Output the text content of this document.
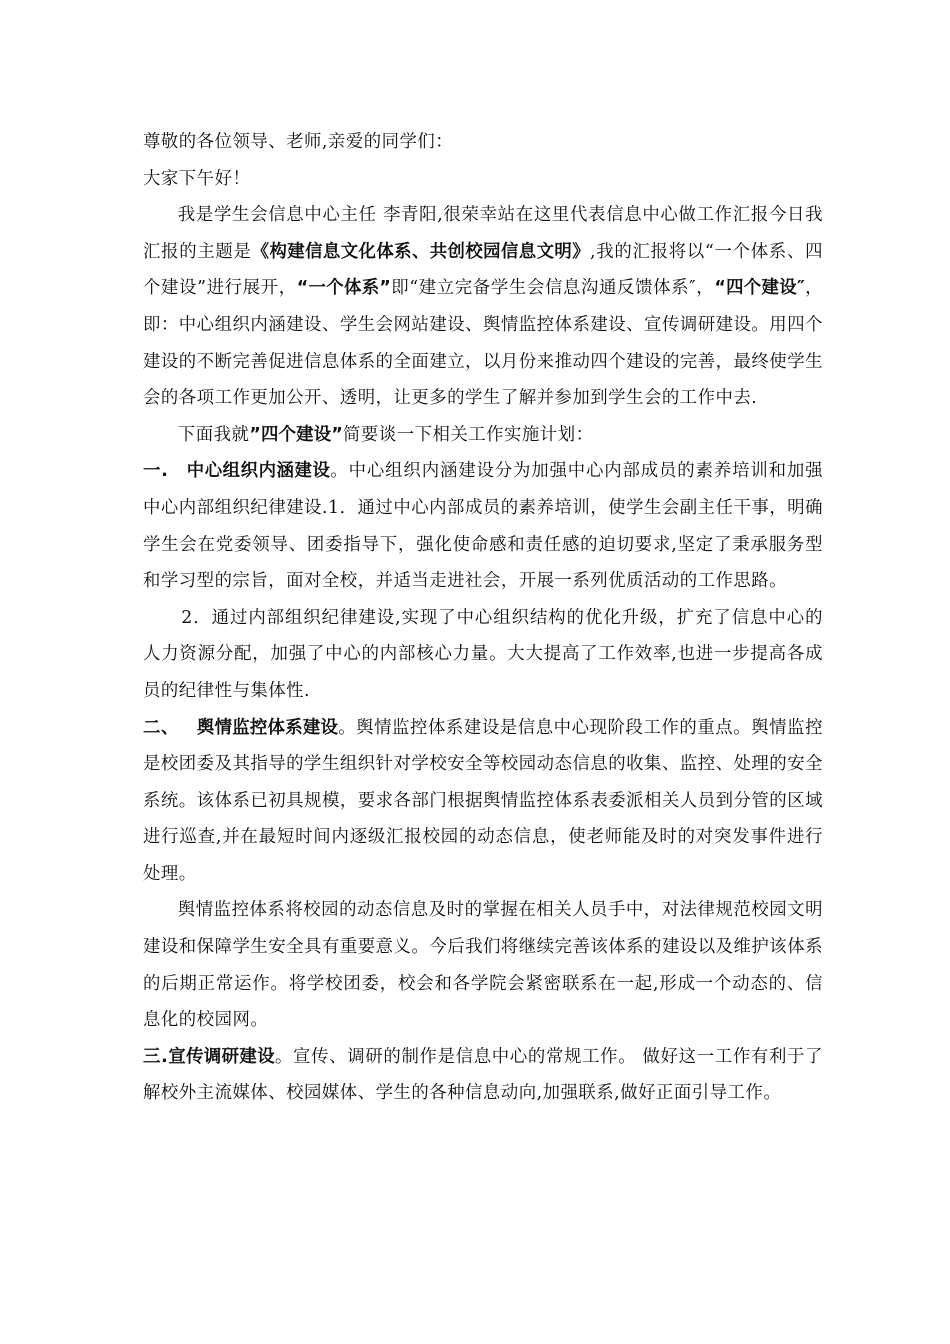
尊敬的各位领导、老师,亲爱的同学们：

大家下午好！

我是学生会信息中心主任 李青阳,很荣幸站在这里代表信息中心做工作汇报今日我汇报的主题是《构建信息文化体系、共创校园信息文明》,我的汇报将以“一个体系、四个建设”进行展开，“一个体系”即“建立完备学生会信息沟通反馈体系″，“四个建设″，即：中心组织内涵建设、学生会网站建设、舆情监控体系建设、宣传调研建设。用四个建设的不断完善促进信息体系的全面建立，以月份来推动四个建设的完善，最终使学生会的各项工作更加公开、透明，让更多的学生了解并参加到学生会的工作中去.

下面我就”四个建设”简要谈一下相关工作实施计划：

一. 中心组织内涵建设。中心组织内涵建设分为加强中心内部成员的素养培训和加强中心内部组织纪律建设.1．通过中心内部成员的素养培训，使学生会副主任干事，明确学生会在党委领导、团委指导下，强化使命感和责任感的迫切要求,坚定了秉承服务型和学习型的宗旨，面对全校，并适当走进社会，开展一系列优质活动的工作思路。

2．通过内部组织纪律建设,实现了中心组织结构的优化升级，扩充了信息中心的人力资源分配，加强了中心的内部核心力量。大大提高了工作效率,也进一步提高各成员的纪律性与集体性.

二、 舆情监控体系建设。舆情监控体系建设是信息中心现阶段工作的重点。舆情监控是校团委及其指导的学生组织针对学校安全等校园动态信息的收集、监控、处理的安全系统。该体系已初具规模，要求各部门根据舆情监控体系表委派相关人员到分管的区域进行巡查,并在最短时间内逐级汇报校园的动态信息，使老师能及时的对突发事件进行处理。

舆情监控体系将校园的动态信息及时的掌握在相关人员手中，对法律规范校园文明建设和保障学生安全具有重要意义。今后我们将继续完善该体系的建设以及维护该体系的后期正常运作。将学校团委，校会和各学院会紧密联系在一起,形成一个动态的、信息化的校园网。

三.宣传调研建设。宣传、调研的制作是信息中心的常规工作。 做好这一工作有利于了解校外主流媒体、校园媒体、学生的各种信息动向,加强联系,做好正面引导工作。
